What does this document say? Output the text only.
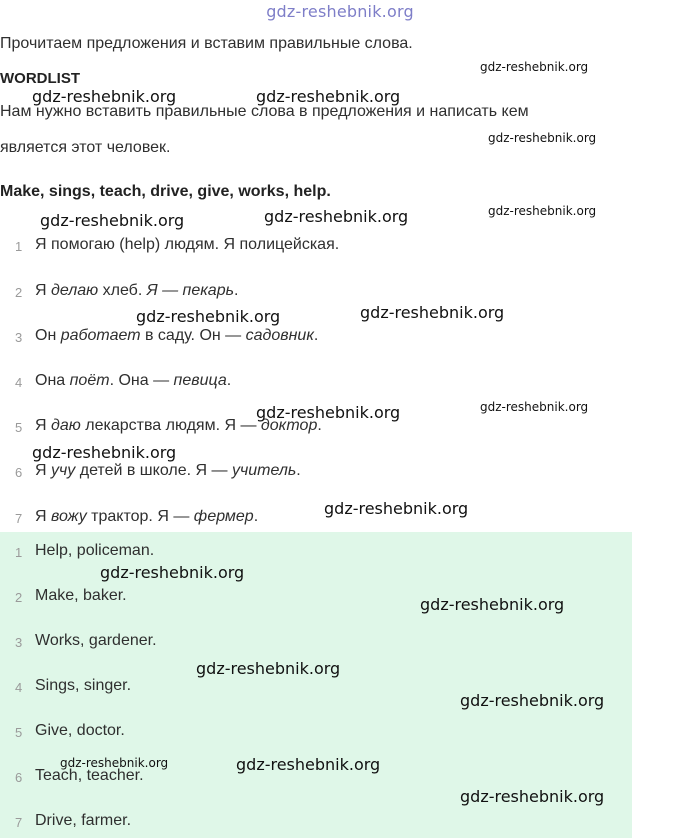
gdz-reshebnik.org
Прочитаем предложения и вставим правильные слова.
WORDLIST
Нам нужно вставить правильные слова в предложения и написать кем
является этот человек.
Make, sings, teach, drive, give, works, help.
1 Я помогаю (help) людям. Я полицейская.
2 Я делаю хлеб. Я — пекарь.
3 Он работает в саду. Он — садовник.
4 Она поёт. Она — певица.
5 Я даю лекарства людям. Я — доктор.
6 Я учу детей в школе. Я — учитель.
7 Я вожу трактор. Я — фермер.
1 Help, policeman.
2 Make, baker.
3 Works, gardener.
4 Sings, singer.
5 Give, doctor.
6 Teach, teacher.
7 Drive, farmer.
gdz-reshebnik.org
gdz-reshebnik.org	gdz-reshebnik.org
gdz-reshebnik.org
gdz-reshebnik.org
gdz-reshebnik.org	gdz-reshebnik.org
gdz-reshebnik.org
gdz-reshebnik.org
gdz-reshebnik.org	gdz-reshebnik.org
gdz-reshebnik.org
gdz-reshebnik.org
gdz-reshebnik.org
gdz-reshebnik.org
gdz-reshebnik.org
gdz-reshebnik.org
gdz-reshebnik.org	gdz-reshebnik.org
gdz-reshebnik.org
